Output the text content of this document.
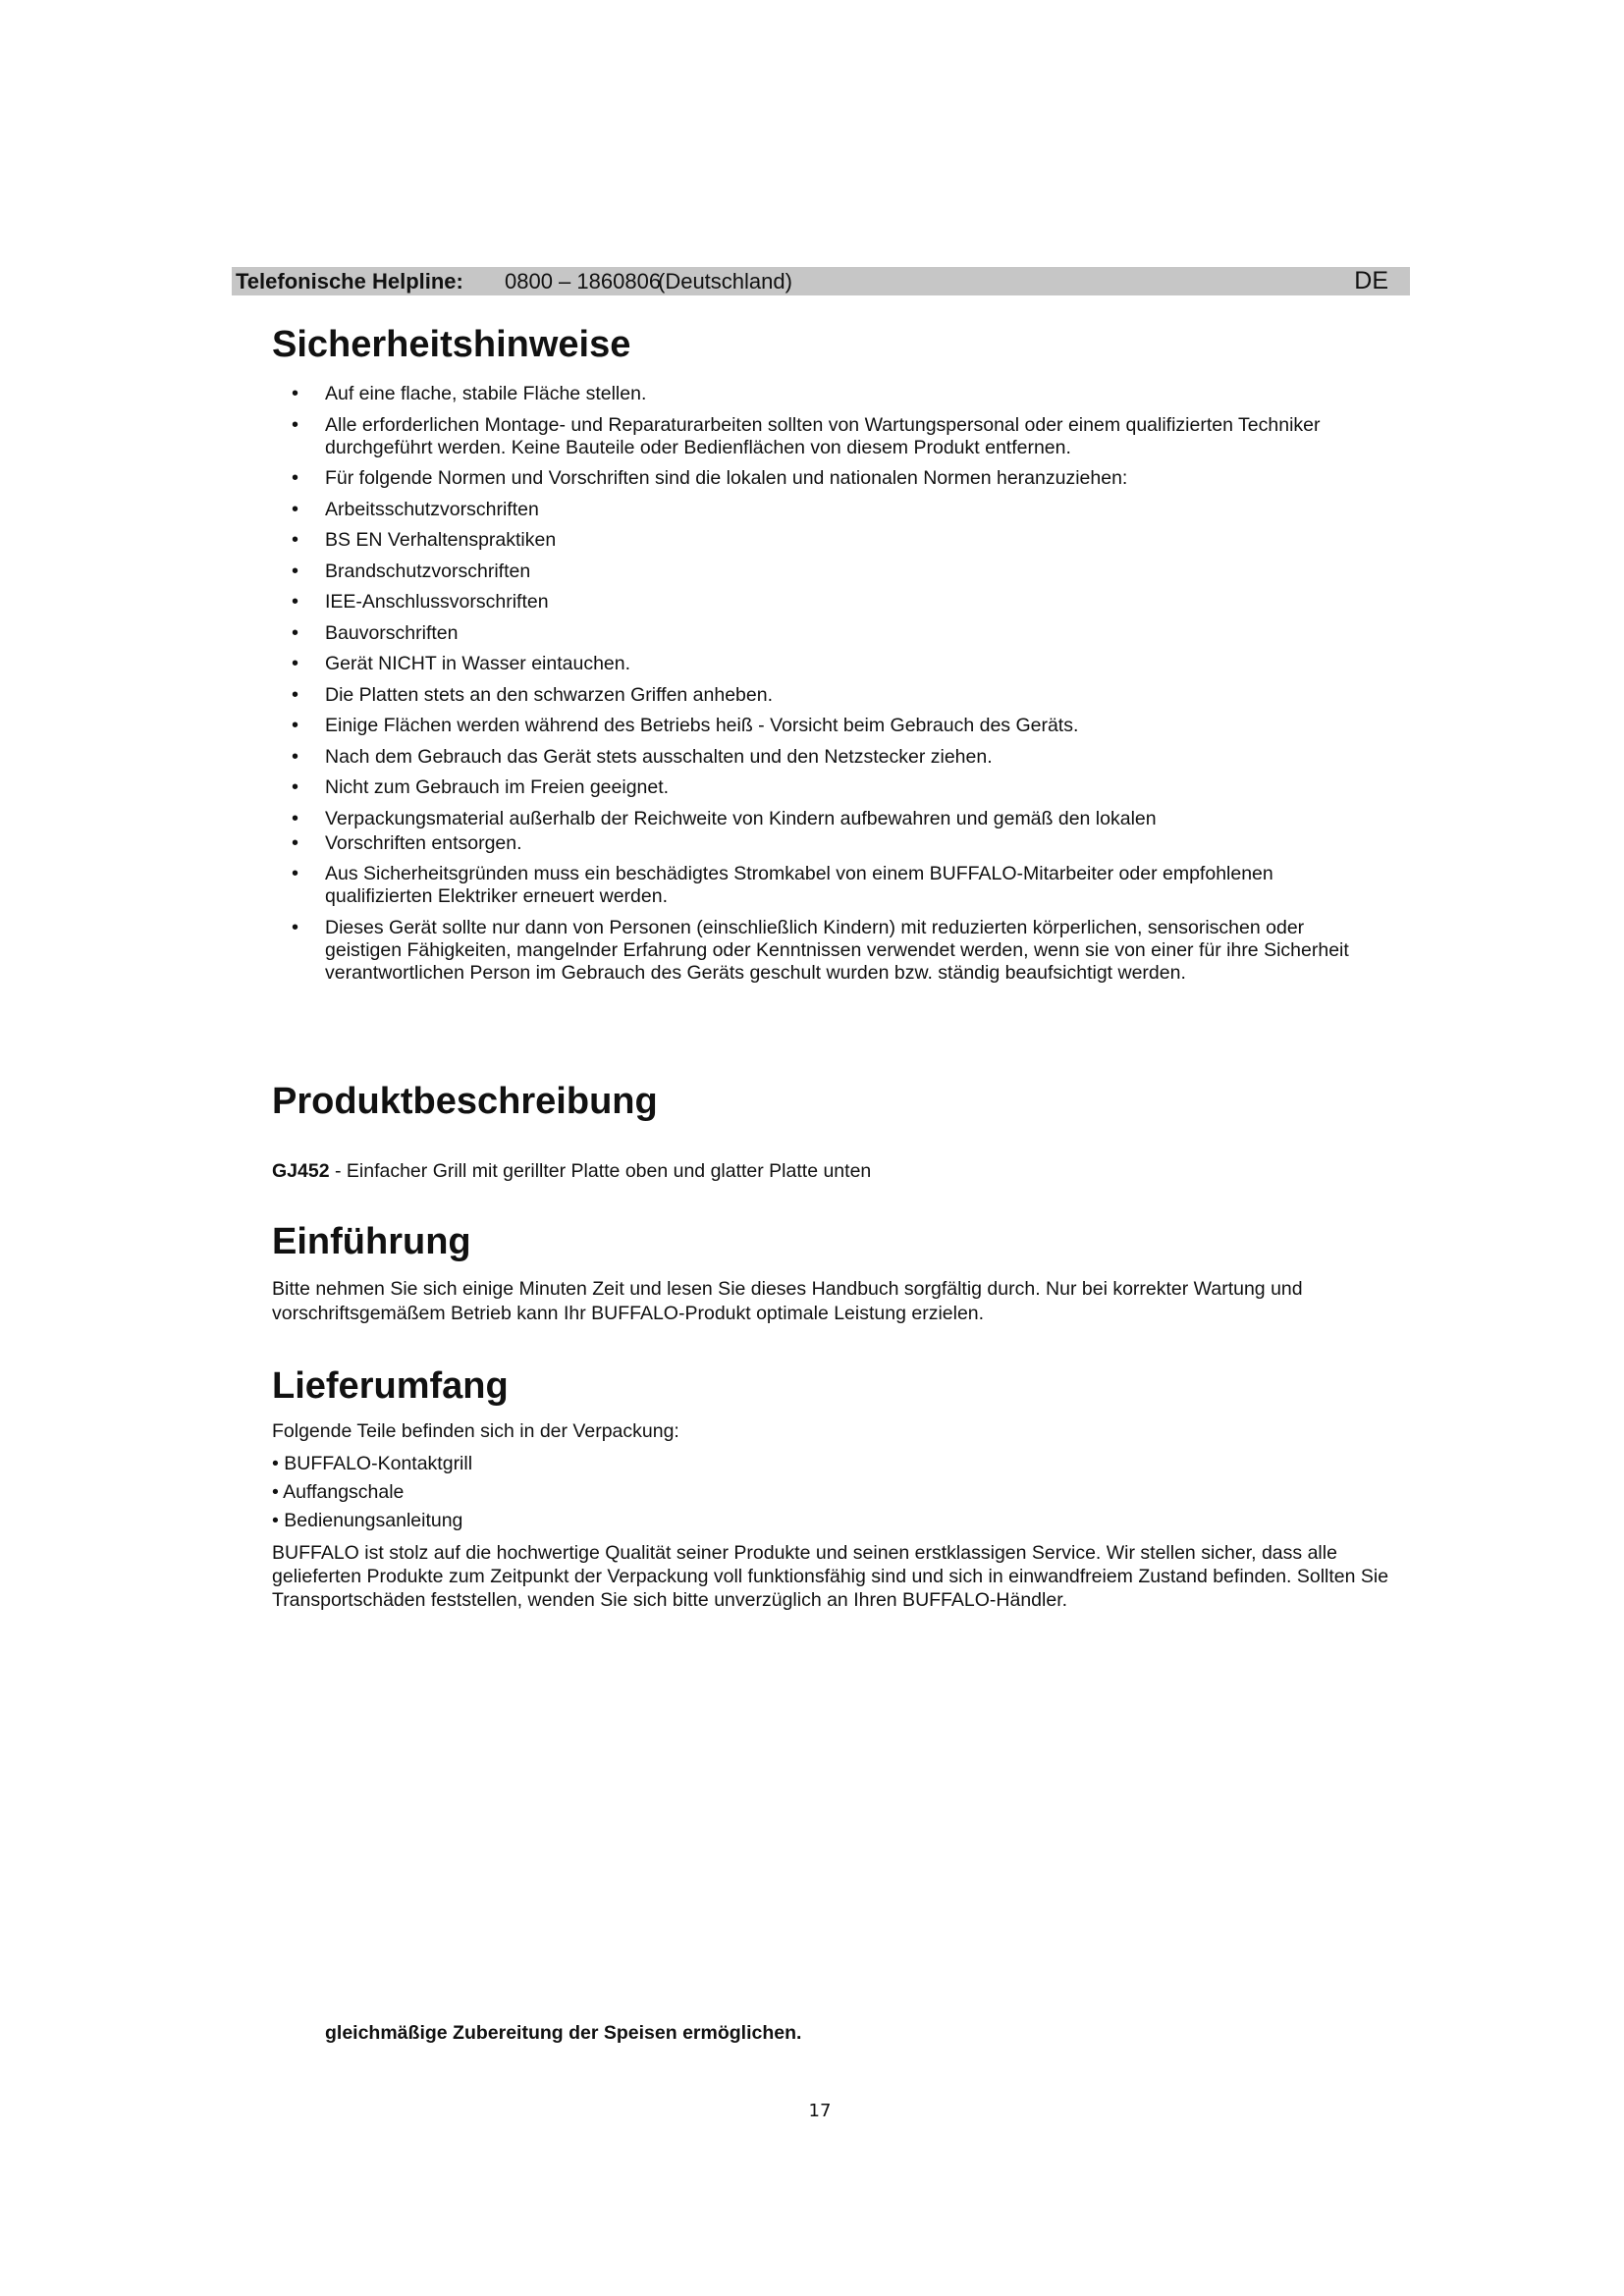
Telefonische Helpline: 0800 – 1860806
(Deutschland)	DE
Sicherheitshinweise
• Auf eine flache, stabile Fläche stellen.
• Alle erforderlichen Montage- und Reparaturarbeiten sollten von Wartungspersonal oder einem qualifizierten Techniker durchgeführt werden. Keine Bauteile oder Bedienflächen von diesem Produkt entfernen.
• Für folgende Normen und Vorschriften sind die lokalen und nationalen Normen heranzuziehen:
• Arbeitsschutzvorschriften
• BS EN Verhaltenspraktiken
• Brandschutzvorschriften
• IEE-Anschlussvorschriften
• Bauvorschriften
• Gerät NICHT in Wasser eintauchen.
• Die Platten stets an den schwarzen Griffen anheben.
• Einige Flächen werden während des Betriebs heiß - Vorsicht beim Gebrauch des Geräts.
• Nach dem Gebrauch das Gerät stets ausschalten und den Netzstecker ziehen.
• Nicht zum Gebrauch im Freien geeignet.
• Verpackungsmaterial außerhalb der Reichweite von Kindern aufbewahren und gemäß den lokalen
• Vorschriften entsorgen.
• Aus Sicherheitsgründen muss ein beschädigtes Stromkabel von einem BUFFALO-Mitarbeiter oder empfohlenen qualifizierten Elektriker erneuert werden.
• Dieses Gerät sollte nur dann von Personen (einschließlich Kindern) mit reduzierten körperlichen, sensorischen oder geistigen Fähigkeiten, mangelnder Erfahrung oder Kenntnissen verwendet werden, wenn sie von einer für ihre Sicherheit verantwortlichen Person im Gebrauch des Geräts geschult wurden bzw. ständig beaufsichtigt werden.
Produktbeschreibung

GJ452 - Einfacher Grill mit gerillter Platte oben und glatter Platte unten

Einführung

Bitte nehmen Sie sich einige Minuten Zeit und lesen Sie dieses Handbuch sorgfältig durch. Nur bei korrekter Wartung und vorschriftsgemäßem Betrieb kann Ihr BUFFALO-Produkt optimale Leistung erzielen.

Lieferumfang

Folgende Teile befinden sich in der Verpackung:

• BUFFALO-Kontaktgrill
• Auffangschale
• Bedienungsanleitung

BUFFALO ist stolz auf die hochwertige Qualität seiner Produkte und seinen erstklassigen Service. Wir stellen sicher, dass alle gelieferten Produkte zum Zeitpunkt der Verpackung voll funktionsfähig sind und sich in einwandfreiem Zustand befinden. Sollten Sie Transportschäden feststellen, wenden Sie sich bitte unverzüglich an Ihren BUFFALO-Händler.

gleichmäßige Zubereitung der Speisen ermöglichen.

17
